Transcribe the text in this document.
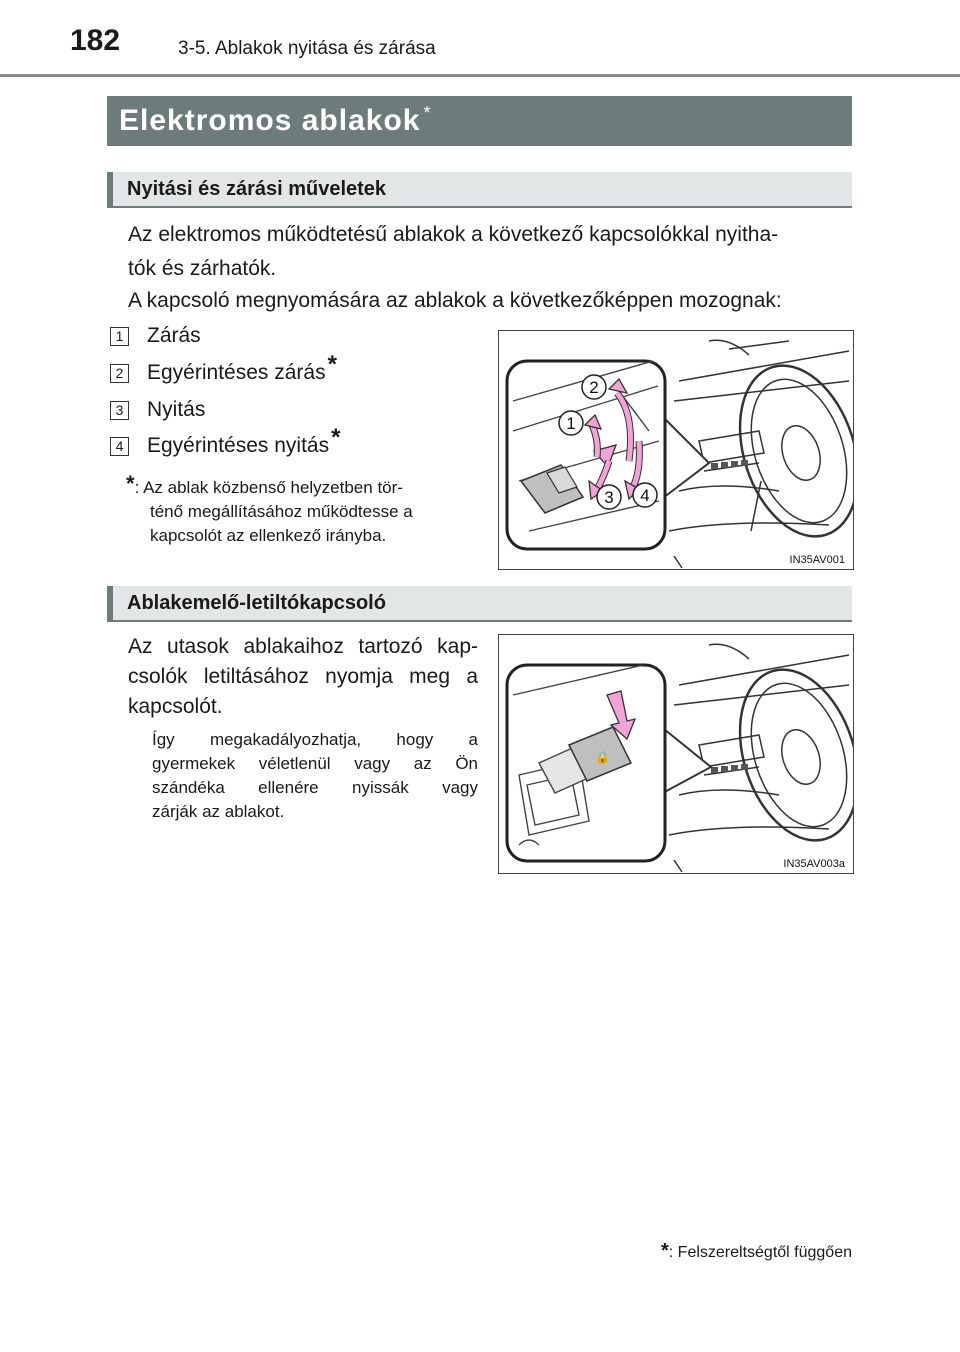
182	3-5. Ablakok nyitása és zárása
Elektromos ablakok*
Nyitási és zárási műveletek
Az elektromos működtetésű ablakok a következő kapcsolókkal nyitha-
tók és zárhatók.
A kapcsoló megnyomására az ablakok a következőképpen mozognak:
1 Zárás
2 Egyérintéses zárás *
3 Nyitás
4 Egyérintéses nyitás *
*: Az ablak közbenső helyzetben tör-
ténő megállításához működtesse a
kapcsolót az ellenkező irányba.
2
1
3 4
IN35AV001
Ablakemelő-letiltókapcsoló
Az utasok ablakaihoz tartozó kap-
csolók letiltásához nyomja meg a
kapcsolót.
Így megakadályozhatja, hogy a
gyermekek véletlenül vagy az Ön
szándéka ellenére nyissák vagy
zárják az ablakot.
🔒
IN35AV003a
*: Felszereltségtől függően
